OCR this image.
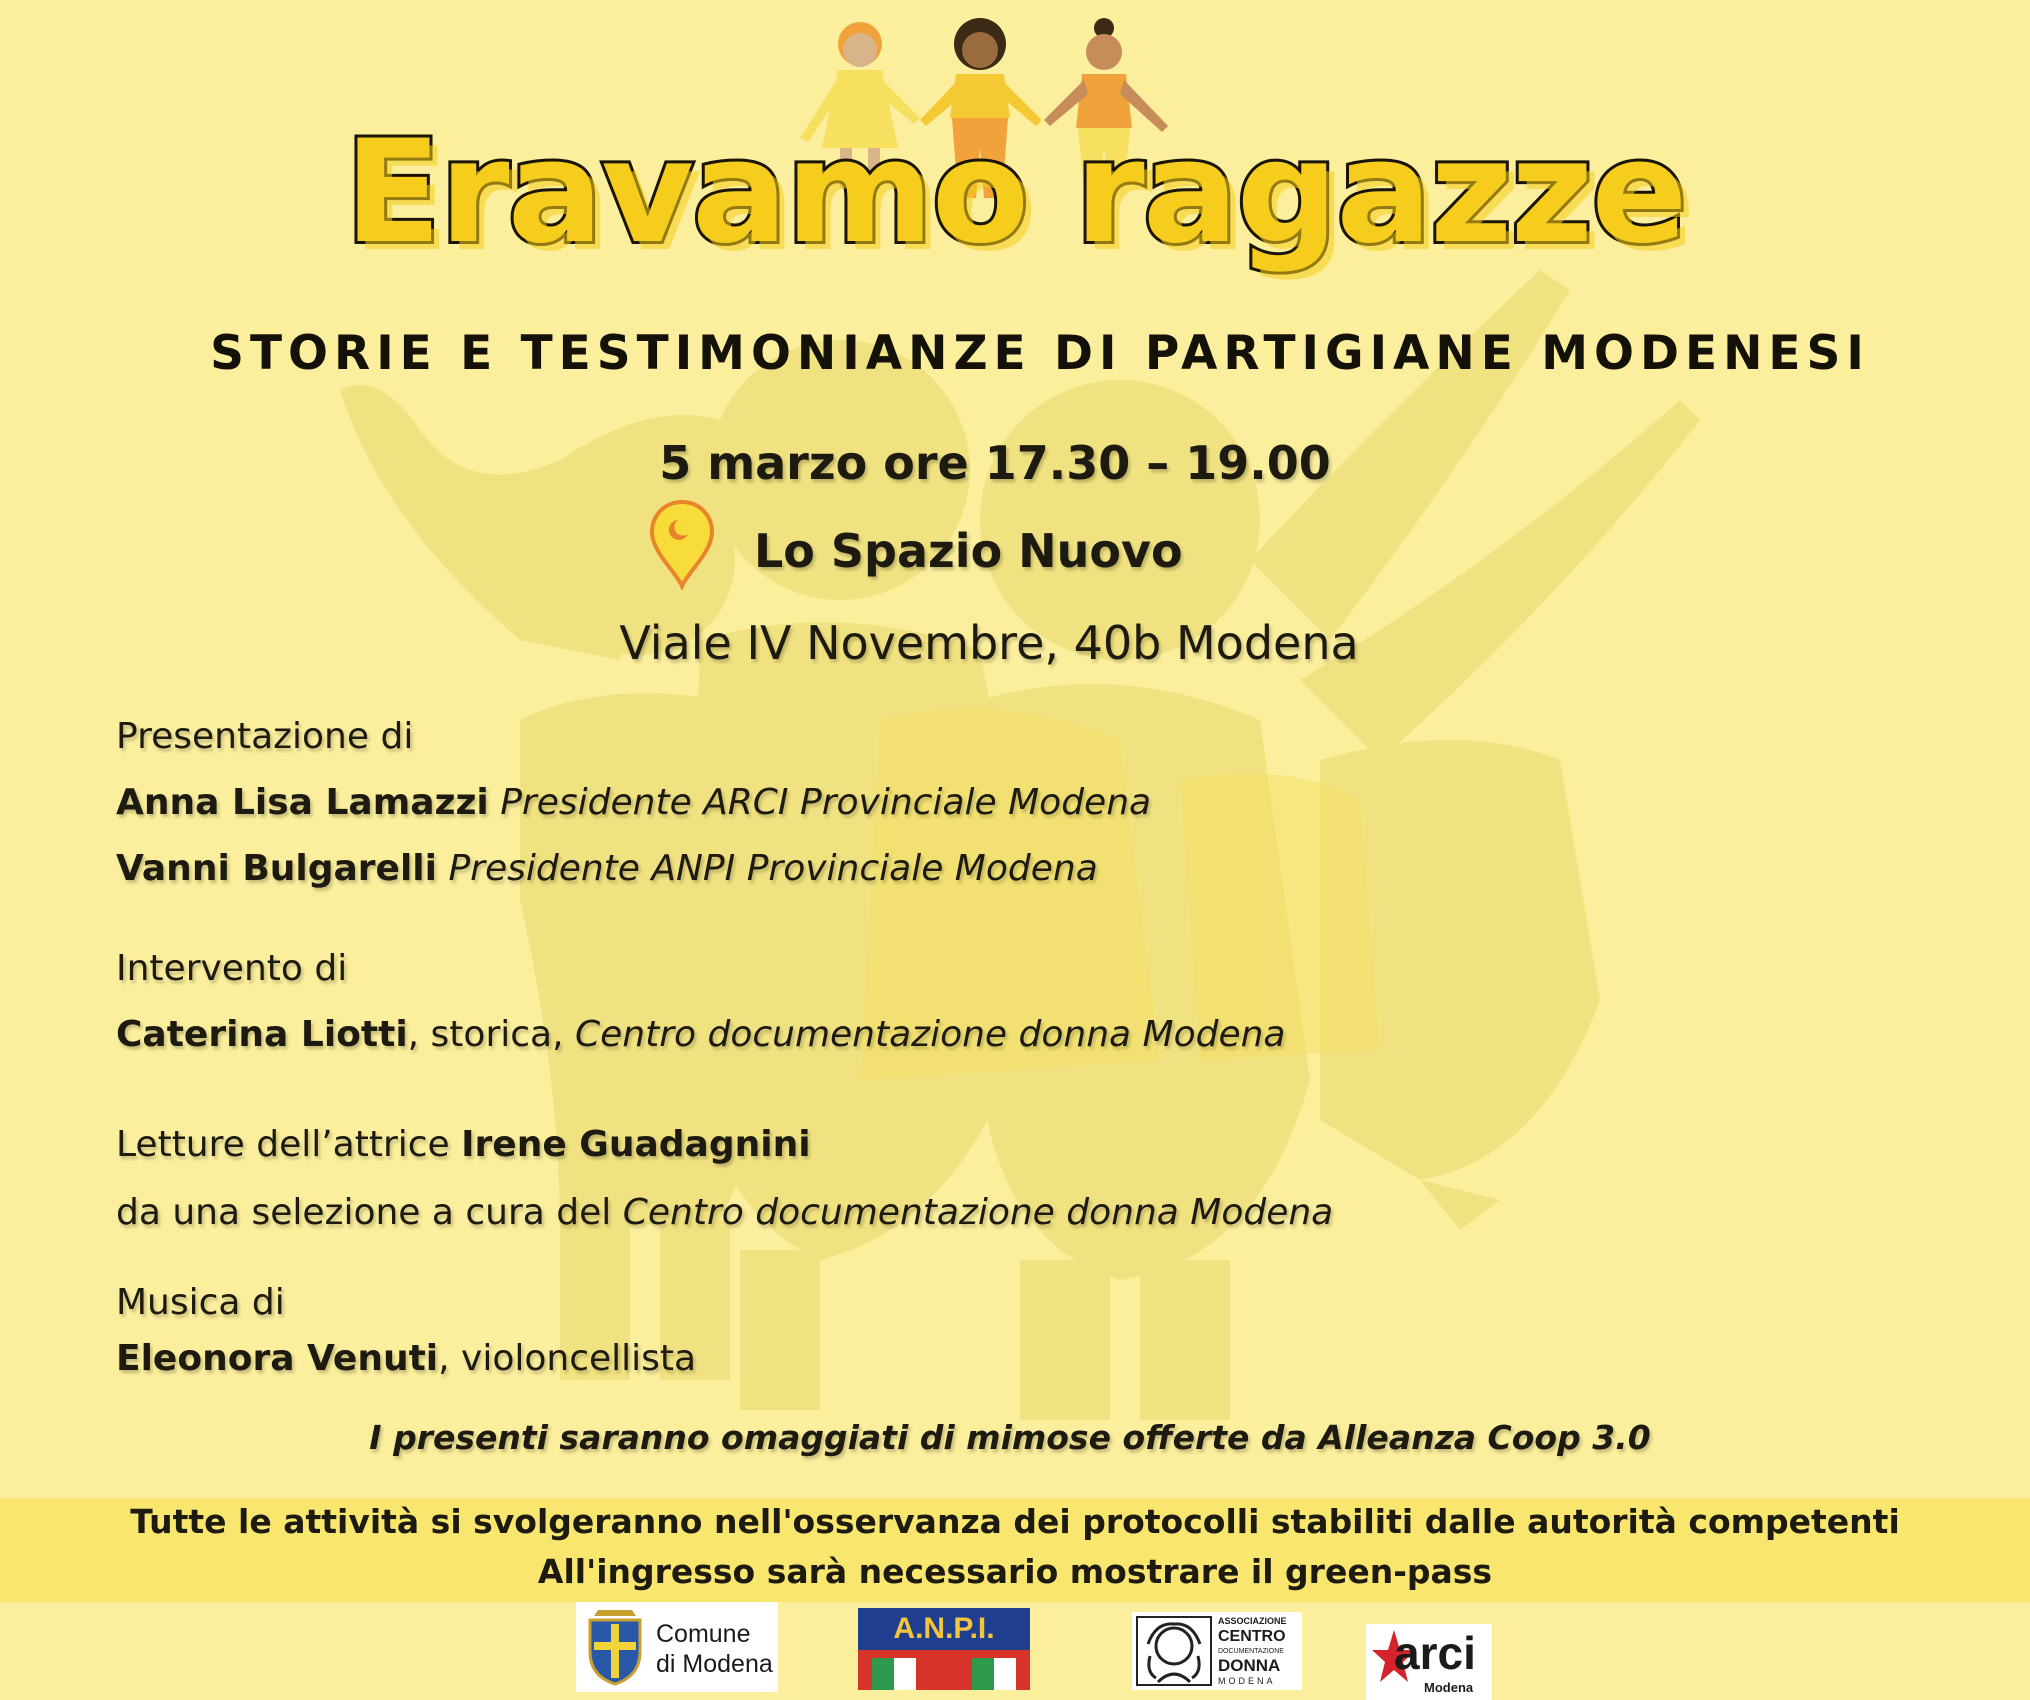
Eravamo ragazze
STORIE E TESTIMONIANZE DI PARTIGIANE MODENESI
5 marzo ore 17.30 – 19.00
Lo Spazio Nuovo
Viale IV Novembre, 40b Modena
Presentazione di
Anna Lisa Lamazzi Presidente ARCI Provinciale Modena
Vanni Bulgarelli Presidente ANPI Provinciale Modena
Intervento di
Caterina Liotti, storica, Centro documentazione donna Modena
Letture dell’attrice Irene Guadagnini
da una selezione a cura del Centro documentazione donna Modena
Musica di
Eleonora Venuti, violoncellista
I presenti saranno omaggiati di mimose offerte da Alleanza Coop 3.0
Tutte le attività si svolgeranno nell'osservanza dei protocolli stabiliti dalle autorità competenti
All'ingresso sarà necessario mostrare il green-pass
Comune
di Modena
A.N.P.I.	ASSOCIAZIONE
CENTRO
DOCUMENTAZIONE
DONNA
MODENA
arci
Modena
